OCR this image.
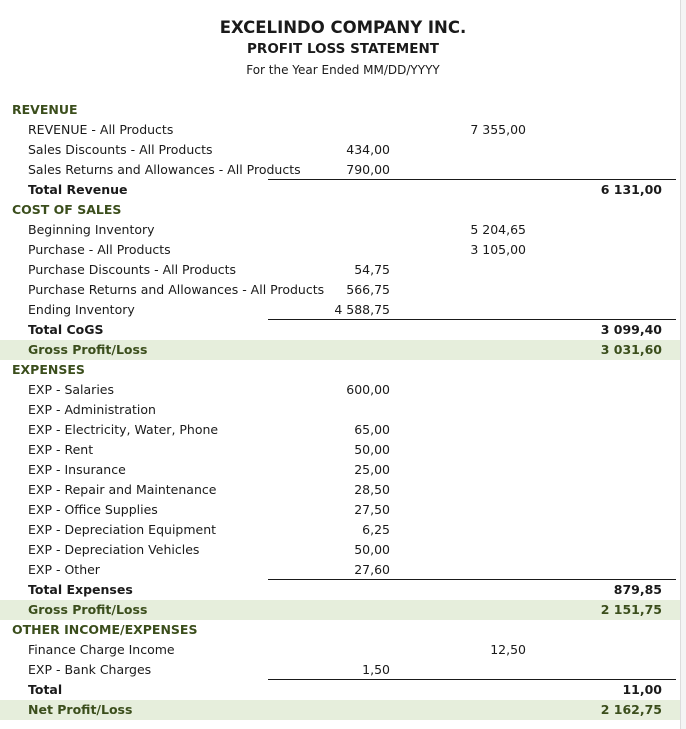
EXCELINDO COMPANY INC.
PROFIT LOSS STATEMENT
For the Year Ended MM/DD/YYYY
REVENUE
REVENUE - All Products	7 355,00
Sales Discounts - All Products	434,00
Sales Returns and Allowances - All Products	790,00
Total Revenue	6 131,00
COST OF SALES
Beginning Inventory	5 204,65
Purchase - All Products	3 105,00
Purchase Discounts - All Products	54,75
Purchase Returns and Allowances - All Products	566,75
Ending Inventory	4 588,75
Total CoGS	3 099,40
Gross Profit/Loss	3 031,60
EXPENSES
EXP - Salaries	600,00
EXP - Administration
EXP - Electricity, Water, Phone	65,00
EXP - Rent	50,00
EXP - Insurance	25,00
EXP - Repair and Maintenance	28,50
EXP - Office Supplies	27,50
EXP - Depreciation Equipment	6,25
EXP - Depreciation Vehicles	50,00
EXP - Other	27,60
Total Expenses	879,85
Gross Profit/Loss	2 151,75
OTHER INCOME/EXPENSES
Finance Charge Income	12,50
EXP - Bank Charges	1,50
Total	11,00
Net Profit/Loss	2 162,75
